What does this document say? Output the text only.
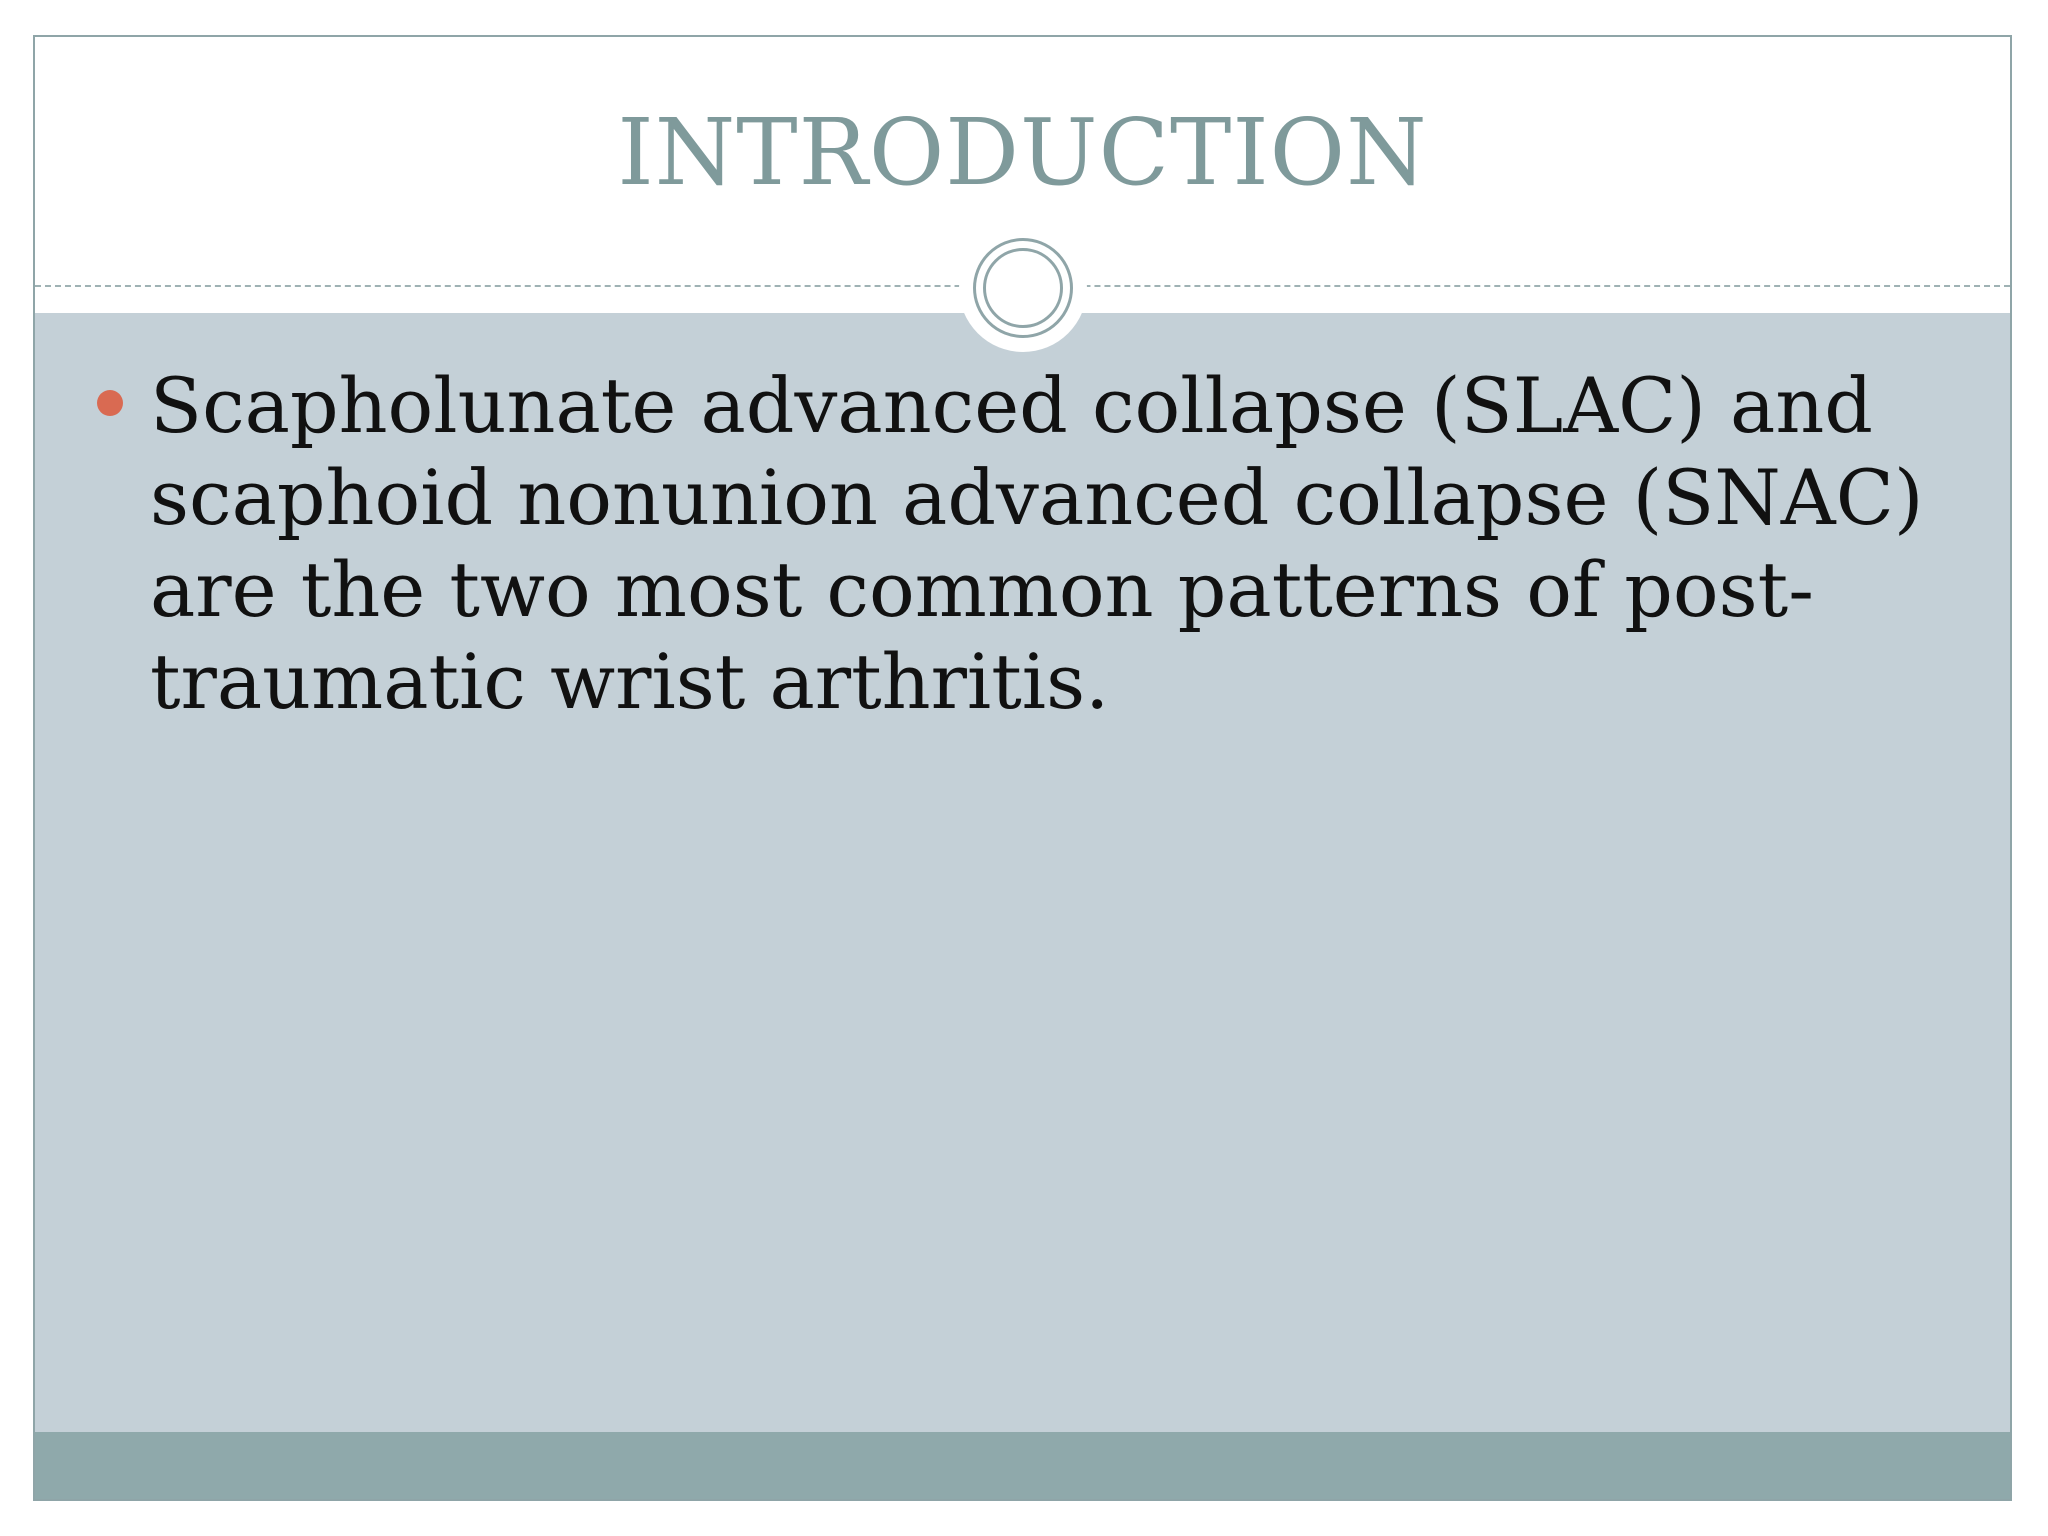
INTRODUCTION
Scapholunate advanced collapse (SLAC) and scaphoid nonunion advanced collapse (SNAC) are the two most common patterns of post-traumatic wrist arthritis.
